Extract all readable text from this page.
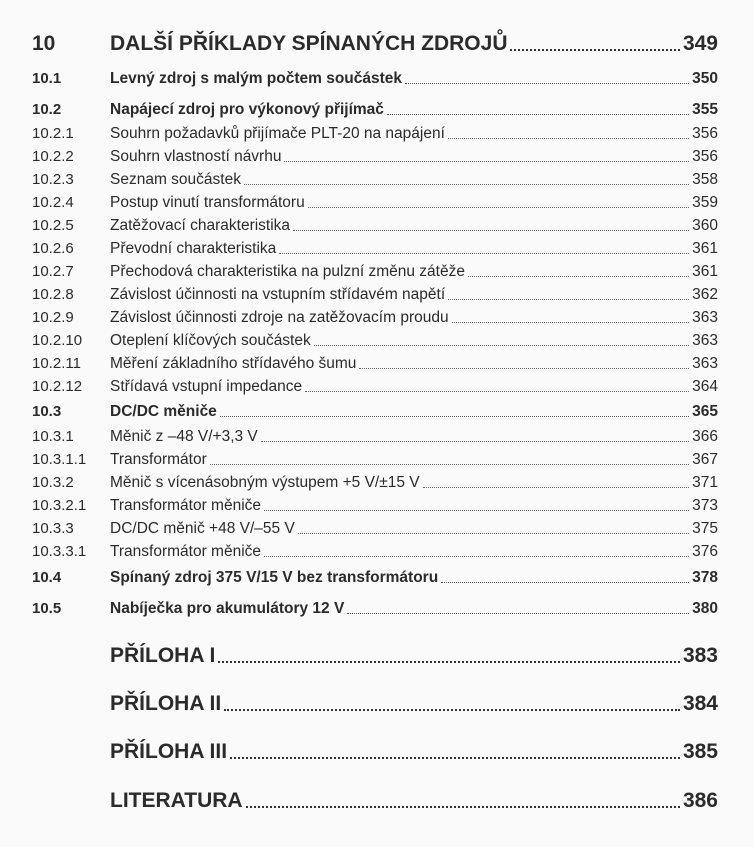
10	DALŠÍ PŘÍKLADY SPÍNANÝCH ZDROJŮ	349
10.1	Levný zdroj s malým počtem součástek	350
10.2	Napájecí zdroj pro výkonový přijímač	355
10.2.1 Souhrn požadavků přijímače PLT-20 na napájení	356
10.2.2 Souhrn vlastností návrhu	356
10.2.3 Seznam součástek	358
10.2.4 Postup vinutí transformátoru	359
10.2.5 Zatěžovací charakteristika	360
10.2.6 Převodní charakteristika	361
10.2.7 Přechodová charakteristika na pulzní změnu zátěže	361
10.2.8 Závislost účinnosti na vstupním střídavém napětí	362
10.2.9 Závislost účinnosti zdroje na zatěžovacím proudu	363
10.2.10 Oteplení klíčových součástek	363
10.2.11 Měření základního střídavého šumu	363
10.2.12 Střídavá vstupní impedance	364
10.3	DC/DC měniče	365
10.3.1 Měnič z –48 V/+3,3 V	366
10.3.1.1 Transformátor	367
10.3.2 Měnič s vícenásobným výstupem +5 V/±15 V	371
10.3.2.1 Transformátor měniče	373
10.3.3 DC/DC měnič +48 V/–55 V	375
10.3.3.1 Transformátor měniče	376
10.4	Spínaný zdroj 375 V/15 V bez transformátoru	378
10.5	Nabíječka pro akumulátory 12 V	380
PŘÍLOHA I	383
PŘÍLOHA II	384
PŘÍLOHA III	385
LITERATURA	386
